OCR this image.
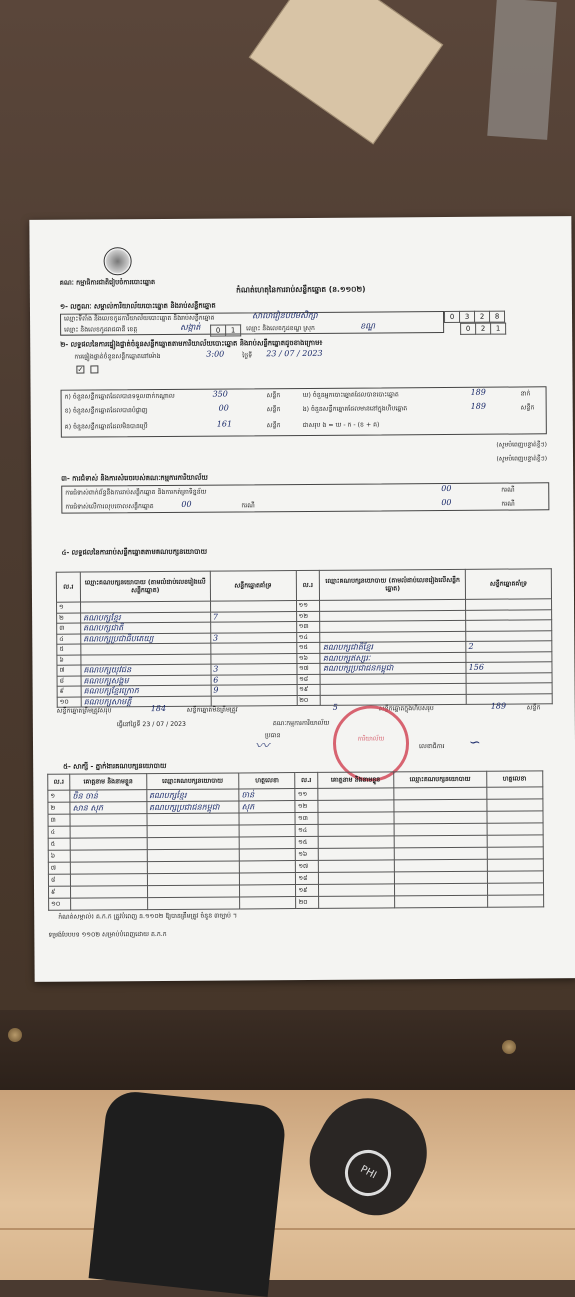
PHI
គណៈ កម្មាធិការជាតិរៀបចំការបោះឆ្នោត
កំណត់ហេតុនៃការរាប់សន្លឹកឆ្នោត (ន.១១០២)
១- លក្ខណៈ សម្គាល់ការិយាល័យបោះឆ្នោត និងរាប់សន្លឹកឆ្នោត
ឈ្មោះទីតាំង និងលេខកូដការិយាល័យបោះឆ្នោត និងរាប់សន្លឹកឆ្នោត	សាលារៀនបឋមសិក្សា
ឈ្មោះ និងលេខកូដរាជធានី ខេត្ត	សង្កាត់
0	3	2	8
0	1 ឈ្មោះ និងលេខកូដខណ្ឌ ស្រុក	ខណ្ឌ	0	2	1
២- លទ្ធផលនៃការផ្ទៀងផ្ទាត់ចំនួនសន្លឹកឆ្នោតតាមការិយាល័យបោះឆ្នោត និងរាប់សន្លឹកឆ្នោតដូចខាងក្រោម៖
ការផ្ទៀងផ្ទាត់ចំនួនសន្លឹកឆ្នោតនៅម៉ោង	3:00	ថ្ងៃទី 23 / 07 / 2023
✓
ក) ចំនួនសន្លឹកឆ្នោតដែលបានទទួលពាក់កណ្តាល	350	សន្លឹក
ខ) ចំនួនសន្លឹកឆ្នោតដែលបានបំផ្លាញ	00	សន្លឹក
គ) ចំនួនសន្លឹកឆ្នោតដែលមិនបានប្រើ	161	សន្លឹក
ឃ) ចំនួនអ្នកបោះឆ្នោតដែលបានបោះឆ្នោត	189	នាក់
ង) ចំនួនសន្លឹកឆ្នោតដែលមាននៅក្នុងហិបឆ្នោត	189	សន្លឹក
ជាសរុប ង = ឃ - ក - (ខ + គ)
(សូមបំពេញបន្ទាត់ខ្លីៗ)
(សូមបំពេញបន្ទាត់ខ្លីៗ)
៣- ការជំទាស់ និងការសំរេចរបស់គណៈកម្មការការិយាល័យ
ការជំទាស់ពាក់ព័ន្ធនឹងការរាប់សន្លឹកឆ្នោត និងការកត់ត្រាទិន្នន័យ	00	ករណី
ការជំទាស់លើការលុបចោលសន្លឹកឆ្នោត	00	ករណី	00	ករណី
៤- លទ្ធផលនៃការរាប់សន្លឹកឆ្នោតតាមគណបក្សនយោបាយ
ល.រ	ឈ្មោះគណបក្សនយោបាយ (តាមលំដាប់លេខរៀងលើសន្លឹកឆ្នោត)	សន្លឹកឆ្នោតគាំទ្រ	ល.រ	ឈ្មោះគណបក្សនយោបាយ (តាមលំដាប់លេខរៀងលើសន្លឹកឆ្នោត)	សន្លឹកឆ្នោតគាំទ្រ
១			១១		
២	គណបក្សខ្មែរ	7	១២		
៣	គណបក្សជាតិ		១៣		
៤	គណបក្សប្រជាធិបតេយ្យ	3	១៤		
៥			១៥	គណបក្សជាតិខ្មែរ	2
៦			១៦	គណបក្សឥស្សរៈ	
៧	គណបក្សយុវជន	3	១៧	គណបក្សប្រជាជនកម្ពុជា	156
៨	គណបក្សសង្គម	6	១៨		
៩	គណបក្សខ្មែរក្រោក	9	១៩		
១០	គណបក្សសាមគ្គី		២០		
សន្លឹកឆ្នោតត្រឹមត្រូវសរុប	184	សន្លឹកឆ្នោតមិនត្រឹមត្រូវ	5	សន្លឹកឆ្នោតក្នុងហិបសរុប	189	សន្លឹក
ធ្វើនៅថ្ងៃទី 23 / 07 / 2023	គណៈកម្មការការិយាល័យ
ប្រធាន	ការិយាល័យ
〰	លេខាធិការ ∽
៥- សាក្សី - ភ្នាក់ងារគណបក្សនយោបាយ
ល.រ	គោត្តនាម និងនាមខ្លួន	ឈ្មោះគណបក្សនយោបាយ	ហត្ថលេខា	ល.រ	គោត្តនាម និងនាមខ្លួន	ឈ្មោះគណបក្សនយោបាយ	ហត្ថលេខា
១	ចិន ចាន់	គណបក្សខ្មែរ	ចាន់	១១			
២	សាន សុភ	គណបក្សប្រជាជនកម្ពុជា	សុភ	១២			
៣				១៣			
៤				១៤			
៥				១៥			
៦				១៦			
៧				១៧			
៨				១៨			
៩				១៩			
១០				២០			
កំណត់សម្គាល់៖ គ.ក.ក ត្រូវបំពេញ ន.១១០២ ឱ្យបានត្រឹមត្រូវ ចំនួន ៣ច្បាប់ ។
ទម្រង់បែបបទ ១១០២ សម្រាប់បំពេញដោយ គ.ក.ក
